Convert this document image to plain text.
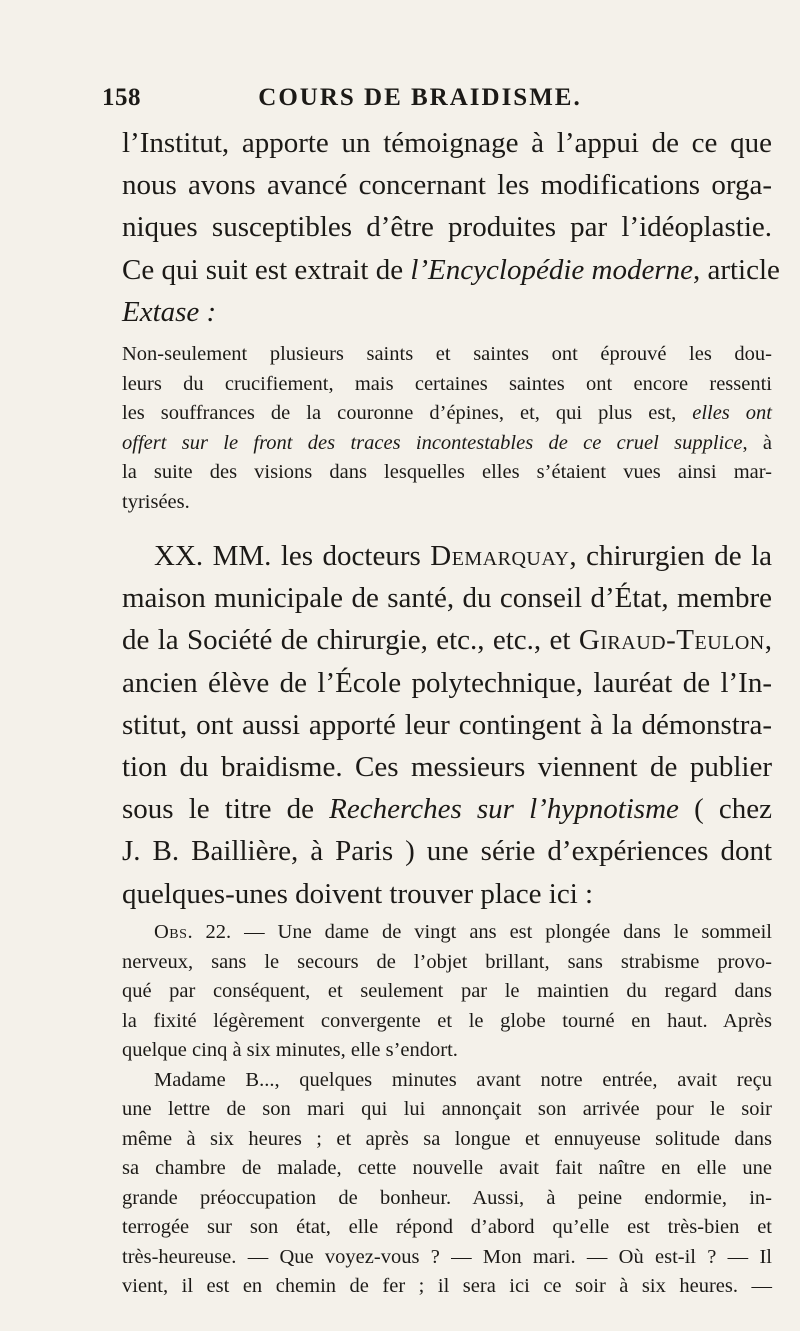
158	COURS DE BRAIDISME.

l’Institut, apporte un témoignage à l’appui de ce que
nous avons avancé concernant les modifications orga-
niques susceptibles d’être produites par l’idéoplastie.
Ce qui suit est extrait de l’Encyclopédie moderne, article
Extase :

Non-seulement plusieurs saints et saintes ont éprouvé les dou-
leurs du crucifiement, mais certaines saintes ont encore ressenti
les souffrances de la couronne d’épines, et, qui plus est, elles ont
offert sur le front des traces incontestables de ce cruel supplice, à
la suite des visions dans lesquelles elles s’étaient vues ainsi mar-
tyrisées.

XX. MM. les docteurs Demarquay, chirurgien de la
maison municipale de santé, du conseil d’État, membre
de la Société de chirurgie, etc., etc., et Giraud-Teulon,
ancien élève de l’École polytechnique, lauréat de l’In-
stitut, ont aussi apporté leur contingent à la démonstra-
tion du braidisme. Ces messieurs viennent de publier
sous le titre de Recherches sur l’hypnotisme ( chez
J. B. Baillière, à Paris ) une série d’expériences dont
quelques-unes doivent trouver place ici :

Obs. 22. — Une dame de vingt ans est plongée dans le sommeil
nerveux, sans le secours de l’objet brillant, sans strabisme provo-
qué par conséquent, et seulement par le maintien du regard dans
la fixité légèrement convergente et le globe tourné en haut. Après
quelque cinq à six minutes, elle s’endort.
Madame B..., quelques minutes avant notre entrée, avait reçu
une lettre de son mari qui lui annonçait son arrivée pour le soir
même à six heures ; et après sa longue et ennuyeuse solitude dans
sa chambre de malade, cette nouvelle avait fait naître en elle une
grande préoccupation de bonheur. Aussi, à peine endormie, in-
terrogée sur son état, elle répond d’abord qu’elle est très-bien et
très-heureuse. — Que voyez-vous ? — Mon mari. — Où est-il ? — Il
vient, il est en chemin de fer ; il sera ici ce soir à six heures. —
